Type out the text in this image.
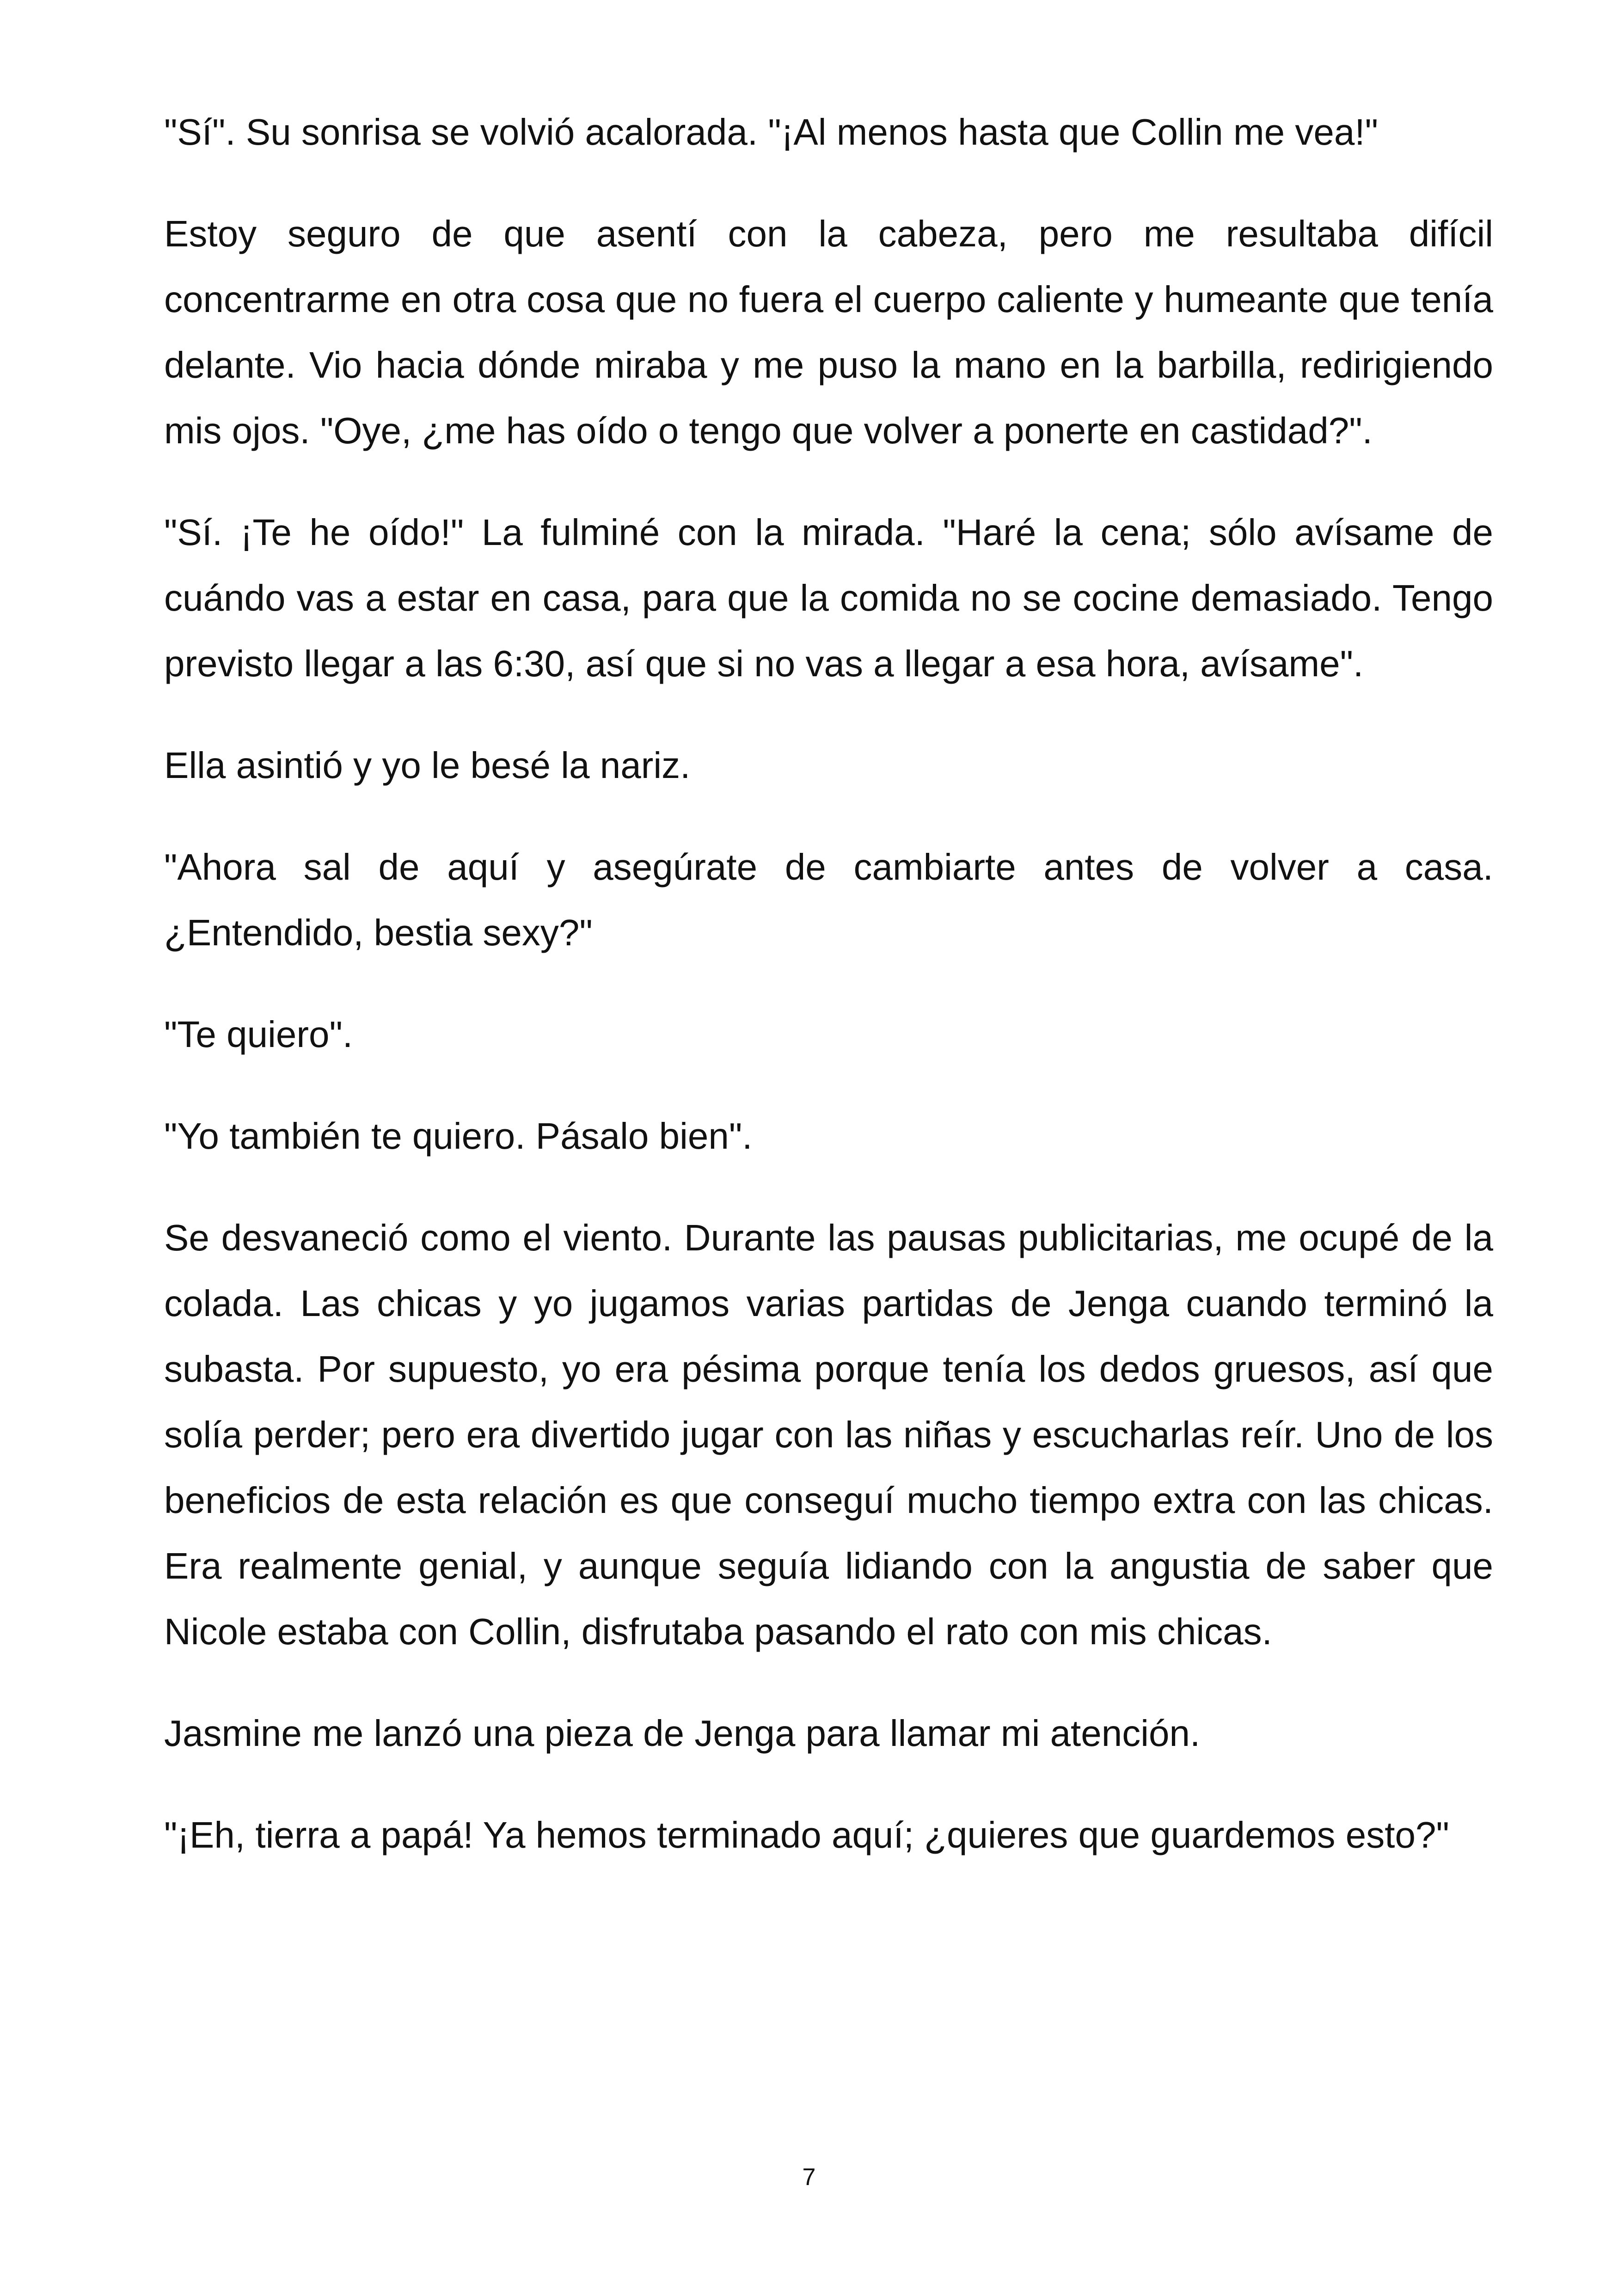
"Sí". Su sonrisa se volvió acalorada. "¡Al menos hasta que Collin me vea!"

Estoy seguro de que asentí con la cabeza, pero me resultaba difícil concentrarme en otra cosa que no fuera el cuerpo caliente y humeante que tenía delante. Vio hacia dónde miraba y me puso la mano en la barbilla, redirigiendo mis ojos. "Oye, ¿me has oído o tengo que volver a ponerte en castidad?".

"Sí. ¡Te he oído!" La fulminé con la mirada. "Haré la cena; sólo avísame de cuándo vas a estar en casa, para que la comida no se cocine demasiado. Tengo previsto llegar a las 6:30, así que si no vas a llegar a esa hora, avísame".

Ella asintió y yo le besé la nariz.

"Ahora sal de aquí y asegúrate de cambiarte antes de volver a casa. ¿Entendido, bestia sexy?"

"Te quiero".

"Yo también te quiero. Pásalo bien".

Se desvaneció como el viento. Durante las pausas publicitarias, me ocupé de la colada. Las chicas y yo jugamos varias partidas de Jenga cuando terminó la subasta. Por supuesto, yo era pésima porque tenía los dedos gruesos, así que solía perder; pero era divertido jugar con las niñas y escucharlas reír. Uno de los beneficios de esta relación es que conseguí mucho tiempo extra con las chicas. Era realmente genial, y aunque seguía lidiando con la angustia de saber que Nicole estaba con Collin, disfrutaba pasando el rato con mis chicas.

Jasmine me lanzó una pieza de Jenga para llamar mi atención.

"¡Eh, tierra a papá! Ya hemos terminado aquí; ¿quieres que guardemos esto?"

7
